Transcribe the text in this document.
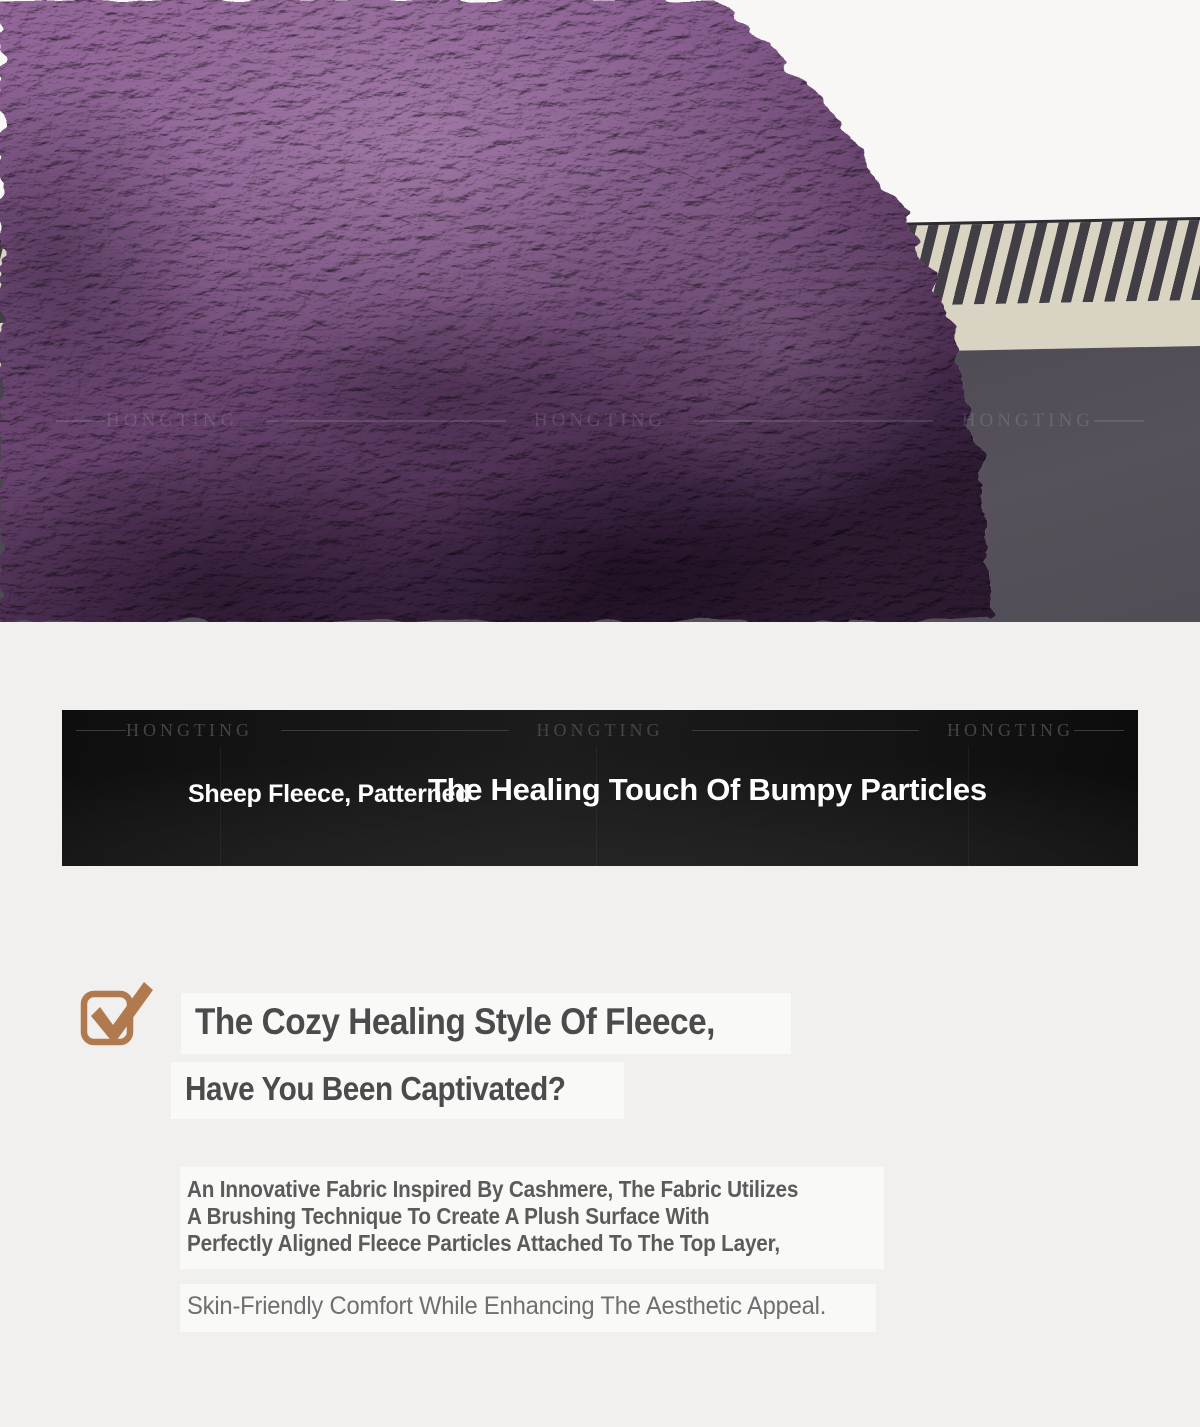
HONGTING	HONGTING	HONGTING
HONGTING	HONGTING	HONGTING
Sheep Fleece, Patterned
The Healing Touch Of Bumpy Particles
The Cozy Healing Style Of Fleece,
Have You Been Captivated?
An Innovative Fabric Inspired By Cashmere, The Fabric Utilizes
A Brushing Technique To Create A Plush Surface With
Perfectly Aligned Fleece Particles Attached To The Top Layer,
Skin-Friendly Comfort While Enhancing The Aesthetic Appeal.
